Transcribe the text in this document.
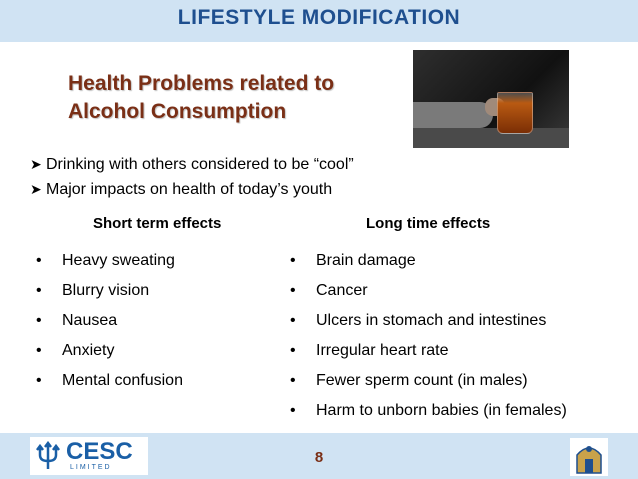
LIFESTYLE MODIFICATION
Health Problems related to
Alcohol Consumption
➤ Drinking with others considered to be “cool”
➤ Major impacts on health of today’s youth
Short term effects	Long time effects
• Heavy sweating
• Blurry vision
• Nausea
• Anxiety
• Mental confusion
• Brain damage
• Cancer
• Ulcers in stomach and intestines
• Irregular heart rate
• Fewer sperm count (in males)
• Harm to unborn babies (in females)
CESC
LIMITED
8
